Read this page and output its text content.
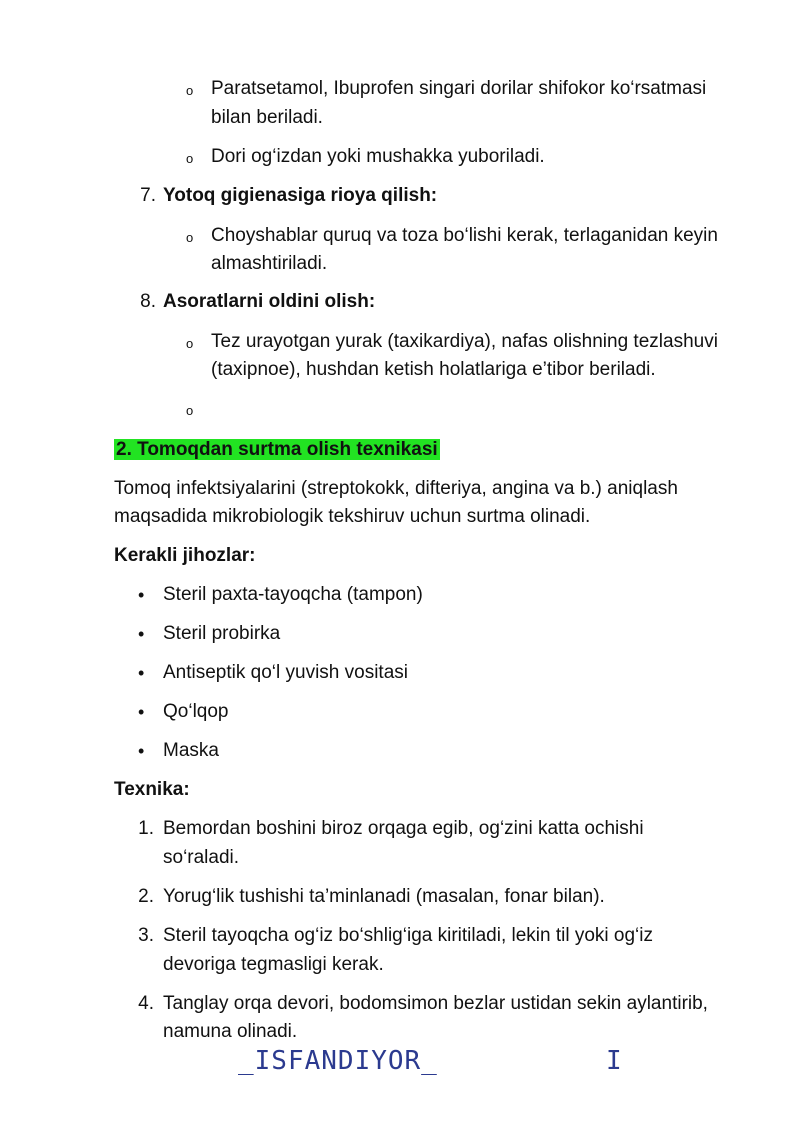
o Paratsetamol, Ibuprofen singari dorilar shifokor ko‘rsatmasi
bilan beriladi.
o Dori og‘izdan yoki mushakka yuboriladi.
7. Yotoq gigienasiga rioya qilish:
o Choyshablar quruq va toza bo‘lishi kerak, terlaganidan keyin
almashtiriladi.
8. Asoratlarni oldini olish:
o Tez urayotgan yurak (taxikardiya), nafas olishning tezlashuvi
(taxipnoe), hushdan ketish holatlariga e’tibor beriladi.
o
2. Tomoqdan surtma olish texnikasi
Tomoq infektsiyalarini (streptokokk, difteriya, angina va b.) aniqlash
maqsadida mikrobiologik tekshiruv uchun surtma olinadi.
Kerakli jihozlar:
• Steril paxta-tayoqcha (tampon)
• Steril probirka
• Antiseptik qo‘l yuvish vositasi
• Qo‘lqop
• Maska
Texnika:
1. Bemordan boshini biroz orqaga egib, og‘zini katta ochishi
so‘raladi.
2. Yorug‘lik tushishi ta’minlanadi (masalan, fonar bilan).
3. Steril tayoqcha og‘iz bo‘shlig‘iga kiritiladi, lekin til yoki og‘iz
devoriga tegmasligi kerak.
4. Tanglay orqa devori, bodomsimon bezlar ustidan sekin aylantirib,
namuna olinadi.
_ISFANDIYOR_	I
